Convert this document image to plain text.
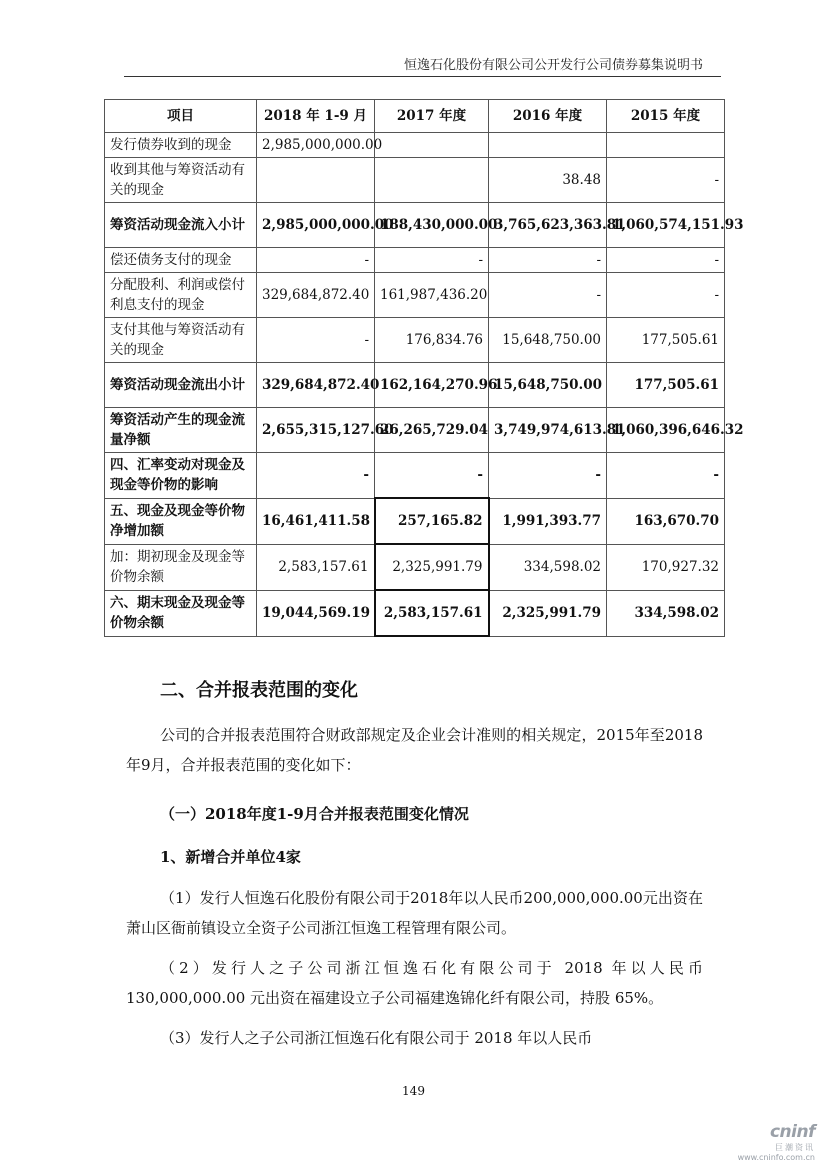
恒逸石化股份有限公司公开发行公司债券募集说明书
项目	2018 年 1-9 月	2017 年度	2016 年度	2015 年度
发行债券收到的现金	2,985,000,000.00			
收到其他与筹资活动有关的现金			38.48	-
筹资活动现金流入小计	2,985,000,000.00	188,430,000.00	3,765,623,363.81	1,060,574,151.93
偿还债务支付的现金	-	-	-	-
分配股利、利润或偿付利息支付的现金	329,684,872.40	161,987,436.20	-	-
支付其他与筹资活动有关的现金	-	176,834.76	15,648,750.00	177,505.61
筹资活动现金流出小计	329,684,872.40	162,164,270.96	15,648,750.00	177,505.61
筹资活动产生的现金流量净额	2,655,315,127.60	26,265,729.04	3,749,974,613.81	1,060,396,646.32
四、汇率变动对现金及现金等价物的影响	-	-	-	-
五、现金及现金等价物净增加额	16,461,411.58	257,165.82	1,991,393.77	163,670.70
加：期初现金及现金等价物余额	2,583,157.61	2,325,991.79	334,598.02	170,927.32
六、期末现金及现金等价物余额	19,044,569.19	2,583,157.61	2,325,991.79	334,598.02
二、合并报表范围的变化
公司的合并报表范围符合财政部规定及企业会计准则的相关规定，2015年至2018年9月，合并报表范围的变化如下：
（一）2018年度1-9月合并报表范围变化情况
1、新增合并单位4家
（1）发行人恒逸石化股份有限公司于2018年以人民币200,000,000.00元出资在萧山区衙前镇设立全资子公司浙江恒逸工程管理有限公司。
（2）发行人之子公司浙江恒逸石化有限公司于 2018 年以人民币130,000,000.00 元出资在福建设立子公司福建逸锦化纤有限公司，持股 65%。
（3）发行人之子公司浙江恒逸石化有限公司于 2018 年以人民币
149
cninf
巨潮资讯
www.cninfo.com.cn
